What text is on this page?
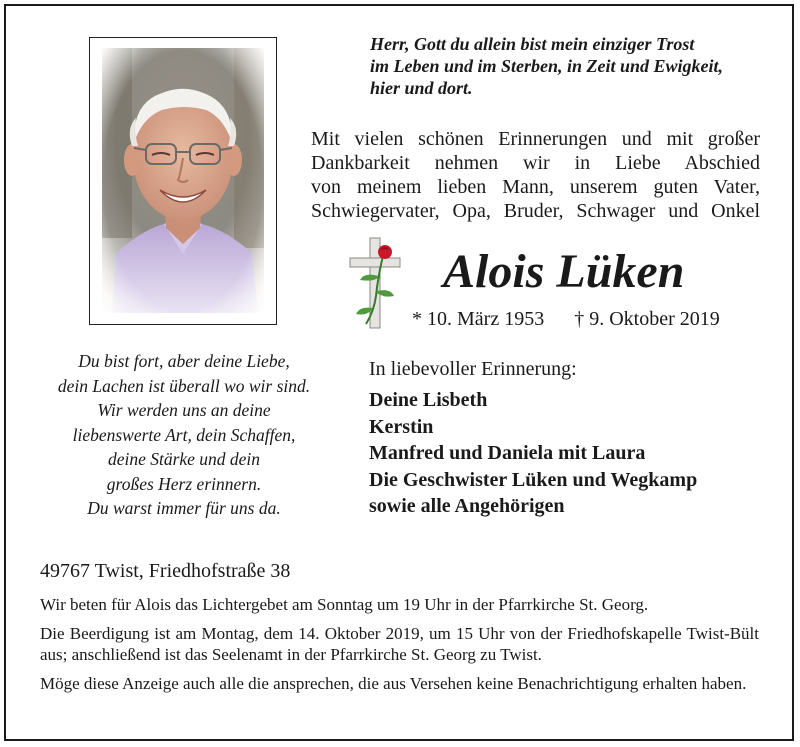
Herr, Gott du allein bist mein einziger Trost
im Leben und im Sterben, in Zeit und Ewigkeit,
hier und dort.
Mit vielen schönen Erinnerungen und mit großer
Dankbarkeit nehmen wir in Liebe Abschied
von meinem lieben Mann, unserem guten Vater,
Schwiegervater, Opa, Bruder, Schwager und Onkel
Alois Lüken
* 10. März 1953 † 9. Oktober 2019
Du bist fort, aber deine Liebe,
dein Lachen ist überall wo wir sind.
Wir werden uns an deine
liebenswerte Art, dein Schaffen,
deine Stärke und dein
großes Herz erinnern.
Du warst immer für uns da.
In liebevoller Erinnerung:
Deine Lisbeth
Kerstin
Manfred und Daniela mit Laura
Die Geschwister Lüken und Wegkamp
sowie alle Angehörigen
49767 Twist, Friedhofstraße 38

Wir beten für Alois das Lichtergebet am Sonntag um 19 Uhr in der Pfarrkirche St. Georg.

Die Beerdigung ist am Montag, dem 14. Oktober 2019, um 15 Uhr von der Friedhofskapelle Twist-Bült aus; anschließend ist das Seelenamt in der Pfarrkirche St. Georg zu Twist.

Möge diese Anzeige auch alle die ansprechen, die aus Versehen keine Benachrichtigung erhalten haben.
